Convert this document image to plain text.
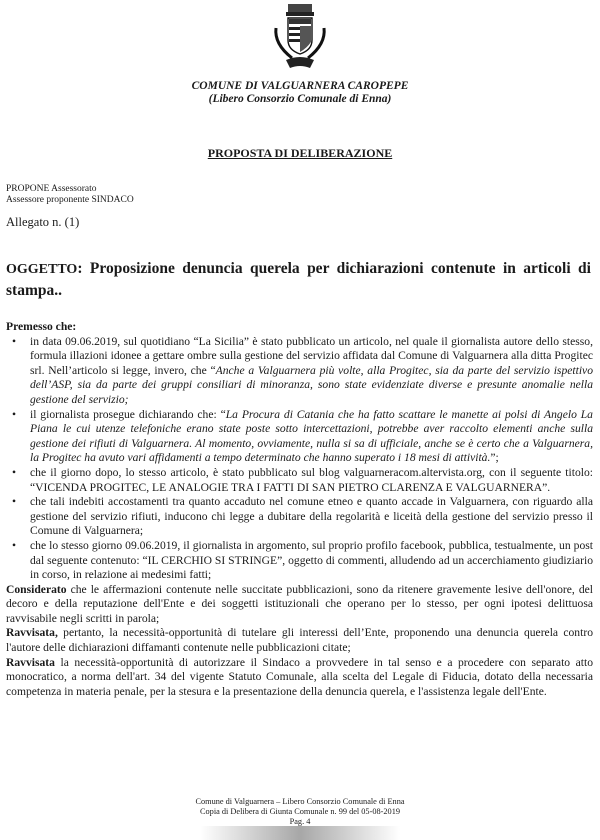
COMUNE DI VALGUARNERA CAROPEPE
(Libero Consorzio Comunale di Enna)
PROPOSTA DI DELIBERAZIONE
PROPONE Assessorato
Assessore proponente SINDACO
Allegato n. (1)
OGGETTO: Proposizione denuncia querela per dichiarazioni contenute in articoli di stampa..

Premesso che:

• in data 09.06.2019, sul quotidiano “La Sicilia” è stato pubblicato un articolo, nel quale il giornalista autore dello stesso, formula illazioni idonee a gettare ombre sulla gestione del servizio affidata dal Comune di Valguarnera alla ditta Progitec srl. Nell’articolo si legge, invero, che “Anche a Valguarnera più volte, alla Progitec, sia da parte del servizio ispettivo dell’ASP, sia da parte dei gruppi consiliari di minoranza, sono state evidenziate diverse e presunte anomalie nella gestione del servizio;
• il giornalista prosegue dichiarando che: “La Procura di Catania che ha fatto scattare le manette ai polsi di Angelo La Piana le cui utenze telefoniche erano state poste sotto intercettazioni, potrebbe aver raccolto elementi anche sulla gestione dei rifiuti di Valguarnera. Al momento, ovviamente, nulla si sa di ufficiale, anche se è certo che a Valguarnera, la Progitec ha avuto vari affidamenti a tempo determinato che hanno superato i 18 mesi di attività.”;
• che il giorno dopo, lo stesso articolo, è stato pubblicato sul blog valguarneracom.altervista.org, con il seguente titolo: “VICENDA PROGITEC, LE ANALOGIE TRA I FATTI DI SAN PIETRO CLARENZA E VALGUARNERA”.
• che tali indebiti accostamenti tra quanto accaduto nel comune etneo e quanto accade in Valguarnera, con riguardo alla gestione del servizio rifiuti, inducono chi legge a dubitare della regolarità e liceità della gestione del servizio presso il Comune di Valguarnera;
• che lo stesso giorno 09.06.2019, il giornalista in argomento, sul proprio profilo facebook, pubblica, testualmente, un post dal seguente contenuto: “IL CERCHIO SI STRINGE”, oggetto di commenti, alludendo ad un accerchiamento giudiziario in corso, in relazione ai medesimi fatti;

Considerato che le affermazioni contenute nelle succitate pubblicazioni, sono da ritenere gravemente lesive dell'onore, del decoro e della reputazione dell'Ente e dei soggetti istituzionali che operano per lo stesso, per ogni ipotesi delittuosa ravvisabile negli scritti in parola;

Ravvisata, pertanto, la necessità-opportunità di tutelare gli interessi dell’Ente, proponendo una denuncia querela contro l'autore delle dichiarazioni diffamanti contenute nelle pubblicazioni citate;

Ravvisata la necessità-opportunità di autorizzare il Sindaco a provvedere in tal senso e a procedere con separato atto monocratico, a norma dell'art. 34 del vigente Statuto Comunale, alla scelta del Legale di Fiducia, dotato della necessaria competenza in materia penale, per la stesura e la presentazione della denuncia querela, e l'assistenza legale dell'Ente.

Comune di Valguarnera – Libero Consorzio Comunale di Enna
Copia di Delibera di Giunta Comunale n. 99 del 05-08-2019
Pag. 4
